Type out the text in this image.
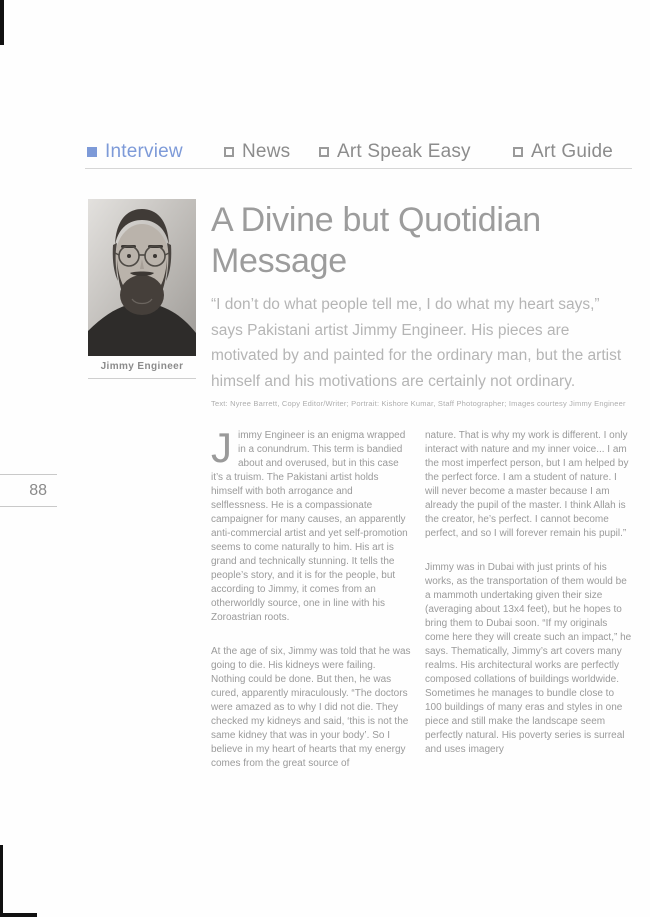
Interview	News Art Speak Easy	Art Guide
Jimmy Engineer
A Divine but Quotidian Message
“I don’t do what people tell me, I do what my heart says,” says Pakistani artist Jimmy Engineer. His pieces are motivated by and painted for the ordinary man, but the artist himself and his motivations are certainly not ordinary.
Text: Nyree Barrett, Copy Editor/Writer; Portrait: Kishore Kumar, Staff Photographer; Images courtesy Jimmy Engineer
88

Jimmy Engineer is an enigma wrapped in a conundrum. This term is bandied about and overused, but in this case it’s a truism. The Pakistani artist holds himself with both arrogance and selflessness. He is a compassionate campaigner for many causes, an apparently anti-commercial artist and yet self-promotion seems to come naturally to him. His art is grand and technically stunning. It tells the people’s story, and it is for the people, but according to Jimmy, it comes from an otherworldly source, one in line with his Zoroastrian roots.

At the age of six, Jimmy was told that he was going to die. His kidneys were failing. Nothing could be done. But then, he was cured, apparently miraculously. “The doctors were amazed as to why I did not die. They checked my kidneys and said, ‘this is not the same kidney that was in your body’. So I believe in my heart of hearts that my energy comes from the great source of

nature. That is why my work is different. I only interact with nature and my inner voice... I am the most imperfect person, but I am helped by the perfect force. I am a student of nature. I will never become a master because I am already the pupil of the master. I think Allah is the creator, he’s perfect. I cannot become perfect, and so I will forever remain his pupil.”

Jimmy was in Dubai with just prints of his works, as the transportation of them would be a mammoth undertaking given their size (averaging about 13x4 feet), but he hopes to bring them to Dubai soon. “If my originals come here they will create such an impact,” he says. Thematically, Jimmy’s art covers many realms. His architectural works are perfectly composed collations of buildings worldwide. Sometimes he manages to bundle close to 100 buildings of many eras and styles in one piece and still make the landscape seem perfectly natural. His poverty series is surreal and uses imagery
